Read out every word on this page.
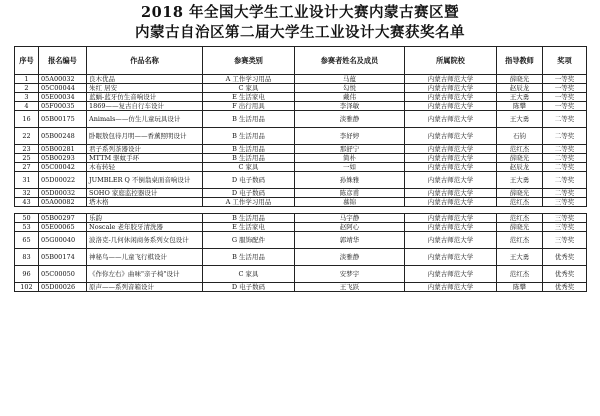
2018 年全国大学生工业设计大赛内蒙古赛区暨
内蒙古自治区第二届大学生工业设计大赛获奖名单
序号	报名编号	作品名称	参赛类别	参赛者姓名及成员	所属院校	指导教师	奖项
1	05A00032	良木优品	A 工作学习用品	马蕴	内蒙古师范大学	薛晓光	一等奖
2	05C00044	朱红 居安	C 家具	勾悦	内蒙古师范大学	赵辰龙	一等奖
3	05E00034	蓝蜗-蓝牙仿生音响设计	E 生活家电	戴伟	内蒙古师范大学	王大勇	一等奖
4	05F00035	1869——复古自行车设计	F 出行用具	李泽敏	内蒙古师范大学	陈攀	一等奖
16	05B00175	Animals——仿生儿童玩具设计	B 生活用品	淡雅静	内蒙古师范大学	王大勇	二等奖
22	05B00248	卧眠敖包待月明——香薰照明设计	B 生活用品	李妤婷	内蒙古师范大学	石钧	二等奖
23	05B00281	君子系列茶器设计	B 生活用品	那舒宁	内蒙古师范大学	范红杰	二等奖
25	05B00293	MTTM 驱蚊手环	B 生活用品	简朴	内蒙古师范大学	薛晓光	二等奖
27	05C00042	木布转轻	C 家具	一如	内蒙古师范大学	赵辰龙	二等奖
31	05D00022	JUMBLER Q 不倒翁桌面音响设计	D 电子数码	孙姝雅	内蒙古师范大学	王大勇	二等奖
32	05D00032	SOHO 家庭监控器设计	D 电子数码	陈彦甫	内蒙古师范大学	薛晓光	二等奖
43	05A00082	塔木格	A 工作学习用品	慕锦	内蒙古师范大学	范红杰	三等奖

50	05B00297	乐韵	B 生活用品	马宇静	内蒙古师范大学	范红杰	三等奖
53	05E00065	Noscale 老年胶牙清洗器	E 生活家电	赵阿心	内蒙古师范大学	薛晓光	三等奖
65	05G00040	波洛克-几何休闲商务系列女包设计	G 服饰配件	郭靖华	内蒙古师范大学	范红杰	三等奖
83	05B00174	神秘鸟——儿童飞行棋设计	B 生活用品	淡雅静	内蒙古师范大学	王大勇	优秀奖
96	05C00050	《作你左右》曲味"亲子椅"设计	C 家具	安梦宇	内蒙古师范大学	范红杰	优秀奖
102	05D00026	原声——系列音箱设计	D 电子数码	王飞跃	内蒙古师范大学	陈攀	优秀奖
